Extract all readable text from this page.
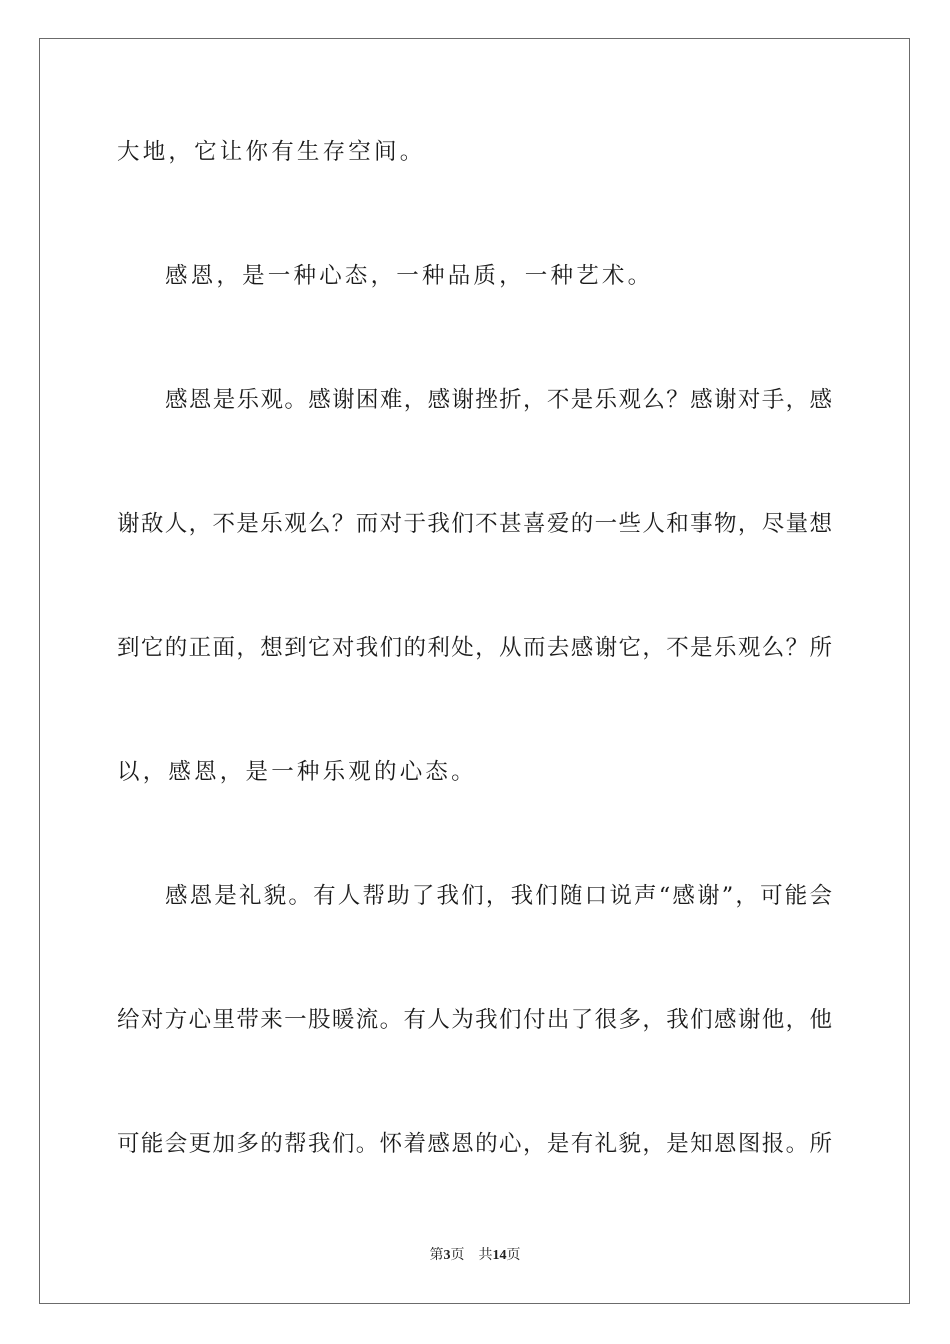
大地，它让你有生存空间。
感恩，是一种心态，一种品质，一种艺术。
感恩是乐观。感谢困难，感谢挫折，不是乐观么？感谢对手，感
谢敌人，不是乐观么？而对于我们不甚喜爱的一些人和事物，尽量想
到它的正面，想到它对我们的利处，从而去感谢它，不是乐观么？所
以，感恩，是一种乐观的心态。
感恩是礼貌。有人帮助了我们，我们随口说声“感谢”，可能会
给对方心里带来一股暖流。有人为我们付出了很多，我们感谢他，他
可能会更加多的帮我们。怀着感恩的心，是有礼貌，是知恩图报。所
第3页 共14页
